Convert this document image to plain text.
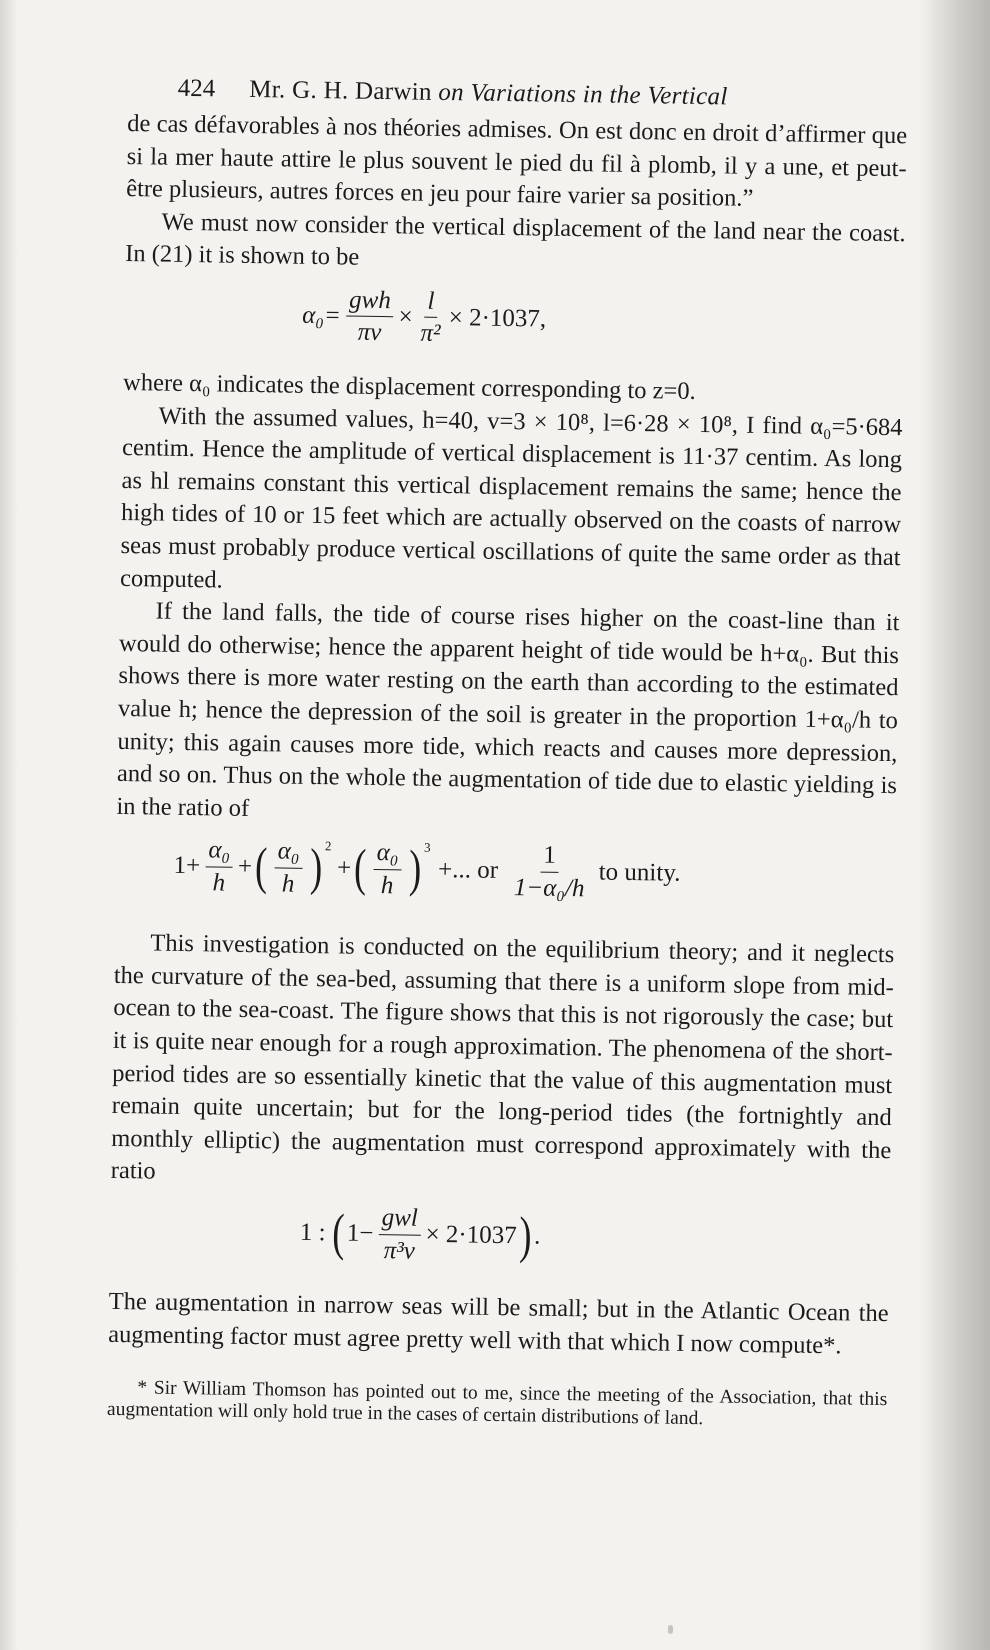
424 Mr. G. H. Darwin on Variations in the Vertical

de cas défavorables à nos théories admises. On est donc en droit d’affirmer que si la mer haute attire le plus souvent le pied du fil à plomb, il y a une, et peut-être plusieurs, autres forces en jeu pour faire varier sa position.”

We must now consider the vertical displacement of the land near the coast. In (21) it is shown to be

$\alpha_0= \frac{\text{gwh}}{\pi v} \times \frac{l}{\text{π²}} \times 2\cdot 1037$,

where α₀ indicates the displacement corresponding to z=0.

With the assumed values, h=40, v=3 × 10⁸, l=6·28 × 10⁸, I find α₀=5·684 centim. Hence the amplitude of vertical displacement is 11·37 centim. As long as hl remains constant this vertical displacement remains the same; hence the high tides of 10 or 15 feet which are actually observed on the coasts of narrow seas must probably produce vertical oscillations of quite the same order as that computed.

If the land falls, the tide of course rises higher on the coast-line than it would do otherwise; hence the apparent height of tide would be h+α₀. But this shows there is more water resting on the earth than according to the estimated value h; hence the depression of the soil is greater in the proportion 1+α₀/h to unity; this again causes more tide, which reacts and causes more depression, and so on. Thus on the whole the augmentation of tide due to elastic yielding is in the ratio of

$1+ \frac{\text{α₀}}{h}$ + ( $\frac{\text{α₀}}{h} )^2$
+ ( $\frac{\text{α₀}}{h} )^3$
+... or $\frac{1}{\text{1−α₀/h}}$ to unity.

This investigation is conducted on the equilibrium theory; and it neglects the curvature of the sea-bed, assuming that there is a uniform slope from mid-ocean to the sea-coast. The figure shows that this is not rigorously the case; but it is quite near enough for a rough approximation. The phenomena of the short-period tides are so essentially kinetic that the value of this augmentation must remain quite uncertain; but for the long-period tides (the fortnightly and monthly elliptic) the augmentation must correspond approximately with the ratio

1 : ( $1- \frac{\text{gwl}}{\text{π³v}} \times 2\cdot 1037$ ) .

The augmentation in narrow seas will be small; but in the Atlantic Ocean the augmenting factor must agree pretty well with that which I now compute*.

* Sir William Thomson has pointed out to me, since the meeting of the Association, that this augmentation will only hold true in the cases of certain distributions of land.
